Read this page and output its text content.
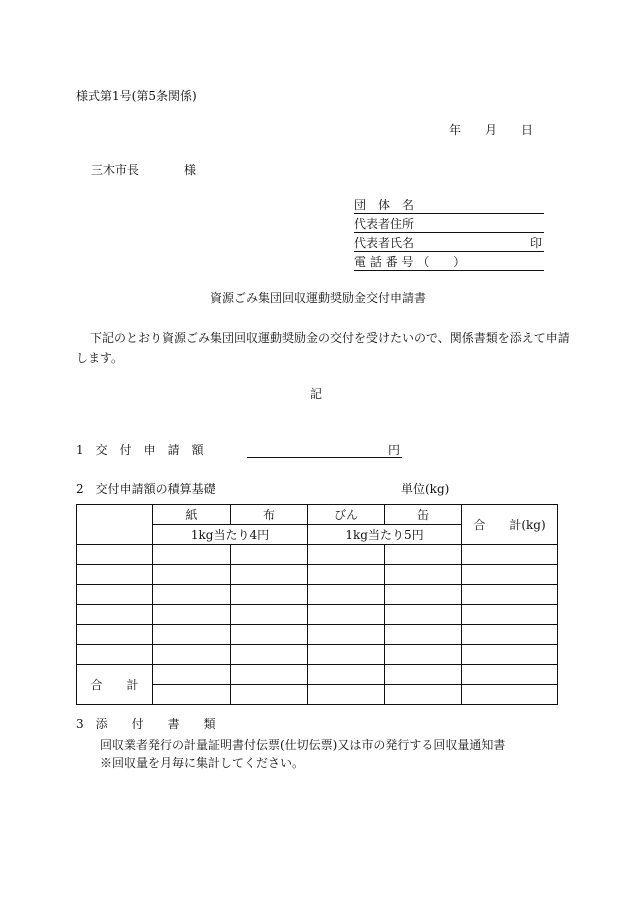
様式第1号(第5条関係)
年 月 日
三木市長	様
団　体　名
代表者住所
代表者氏名	印
電 話 番 号 （　　）
資源ごみ集団回収運動奨励金交付申請書
下記のとおり資源ごみ集団回収運動奨励金の交付を受けたいので、関係書類を添えて申請
します。
記
1　交　付　申　請　額	円
2　交付申請額の積算基礎	単位(kg)
	紙	布	びん	缶	合　　計(kg)
	1kg当たり4円		1kg当たり5円		

合　　計					

3　添　　付　　書　　類
回収業者発行の計量証明書付伝票(仕切伝票)又は市の発行する回収量通知書
※回収量を月毎に集計してください。
